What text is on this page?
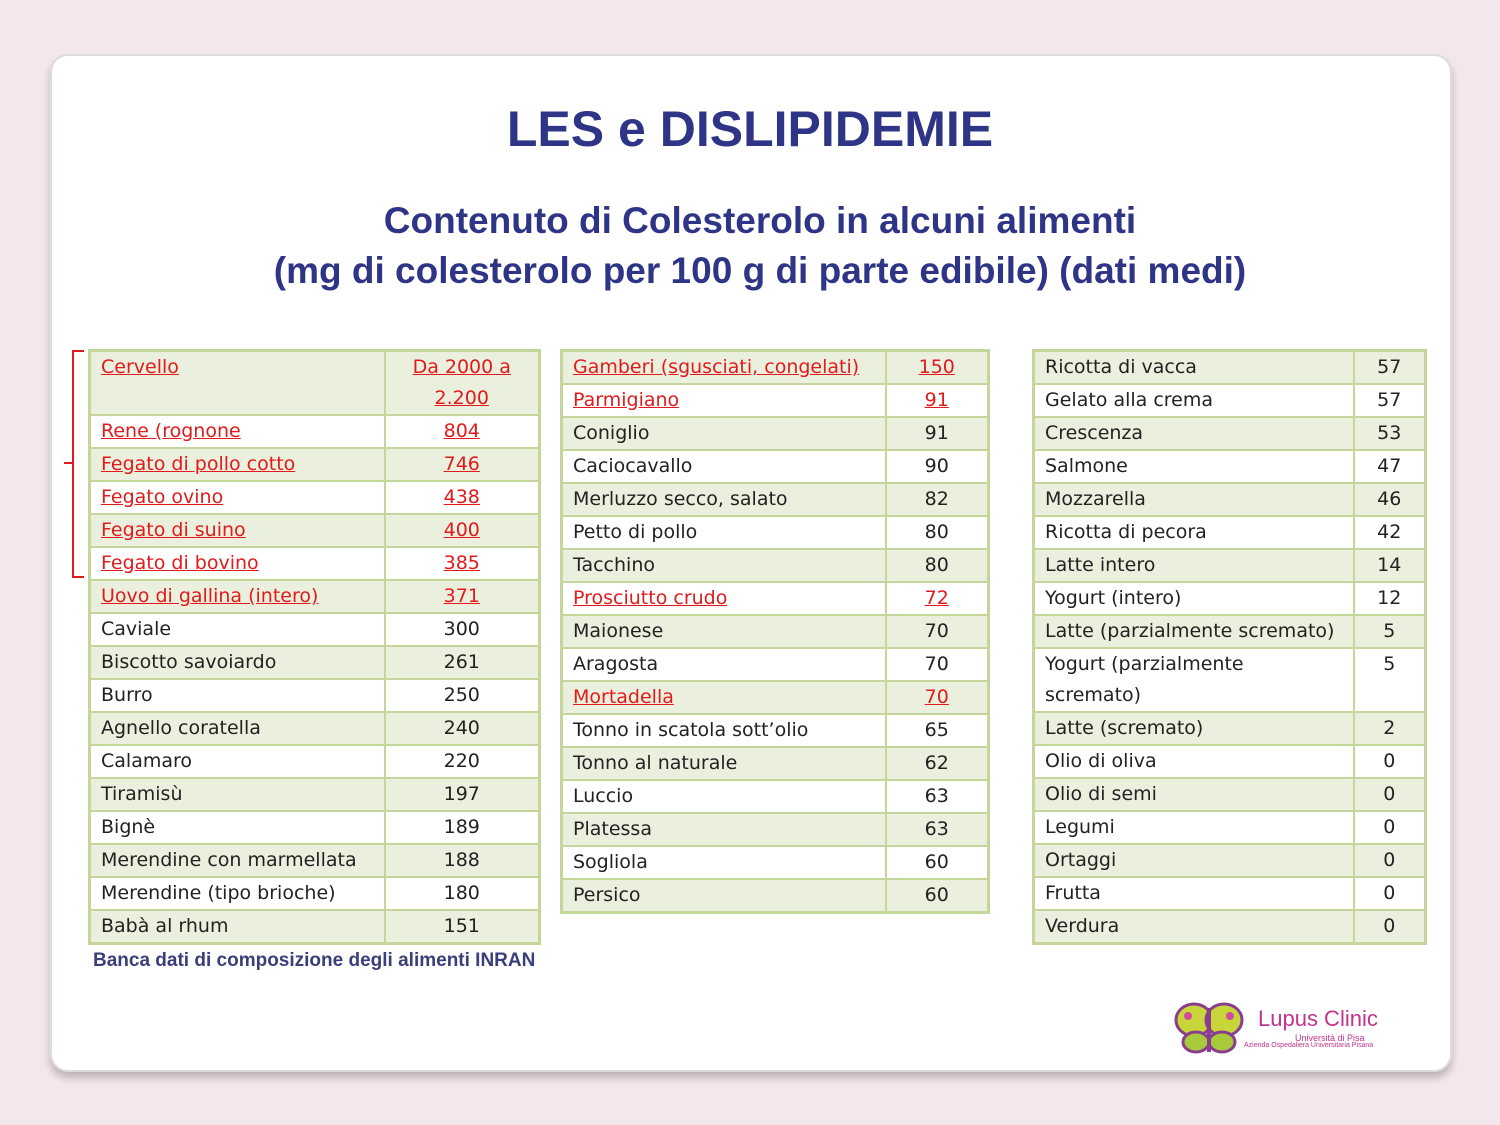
LES e DISLIPIDEMIE
Contenuto di Colesterolo in alcuni alimenti
(mg di colesterolo per 100 g di parte edibile) (dati medi)
Cervello	Da 2000 a 2.200
Rene (rognone	804
Fegato di pollo cotto	746
Fegato ovino	438
Fegato di suino	400
Fegato di bovino	385
Uovo di gallina (intero)	371
Caviale	300
Biscotto savoiardo	261
Burro	250
Agnello coratella	240
Calamaro	220
Tiramisù	197
Bignè	189
Merendine con marmellata	188
Merendine (tipo brioche)	180
Babà al rhum	151
Gamberi (sgusciati, congelati)	150
Parmigiano	91
Coniglio	91
Caciocavallo	90
Merluzzo secco, salato	82
Petto di pollo	80
Tacchino	80
Prosciutto crudo	72
Maionese	70
Aragosta	70
Mortadella	70
Tonno in scatola sott’olio	65
Tonno al naturale	62
Luccio	63
Platessa	63
Sogliola	60
Persico	60
Ricotta di vacca	57
Gelato alla crema	57
Crescenza	53
Salmone	47
Mozzarella	46
Ricotta di pecora	42
Latte intero	14
Yogurt (intero)	12
Latte (parzialmente scremato)	5
Yogurt (parzialmente scremato)	5
Latte (scremato)	2
Olio di oliva	0
Olio di semi	0
Legumi	0
Ortaggi	0
Frutta	0
Verdura	0
Banca dati di composizione degli alimenti INRAN
Lupus Clinic
Università di Pisa
Azienda Ospedaliera Universitaria Pisana
